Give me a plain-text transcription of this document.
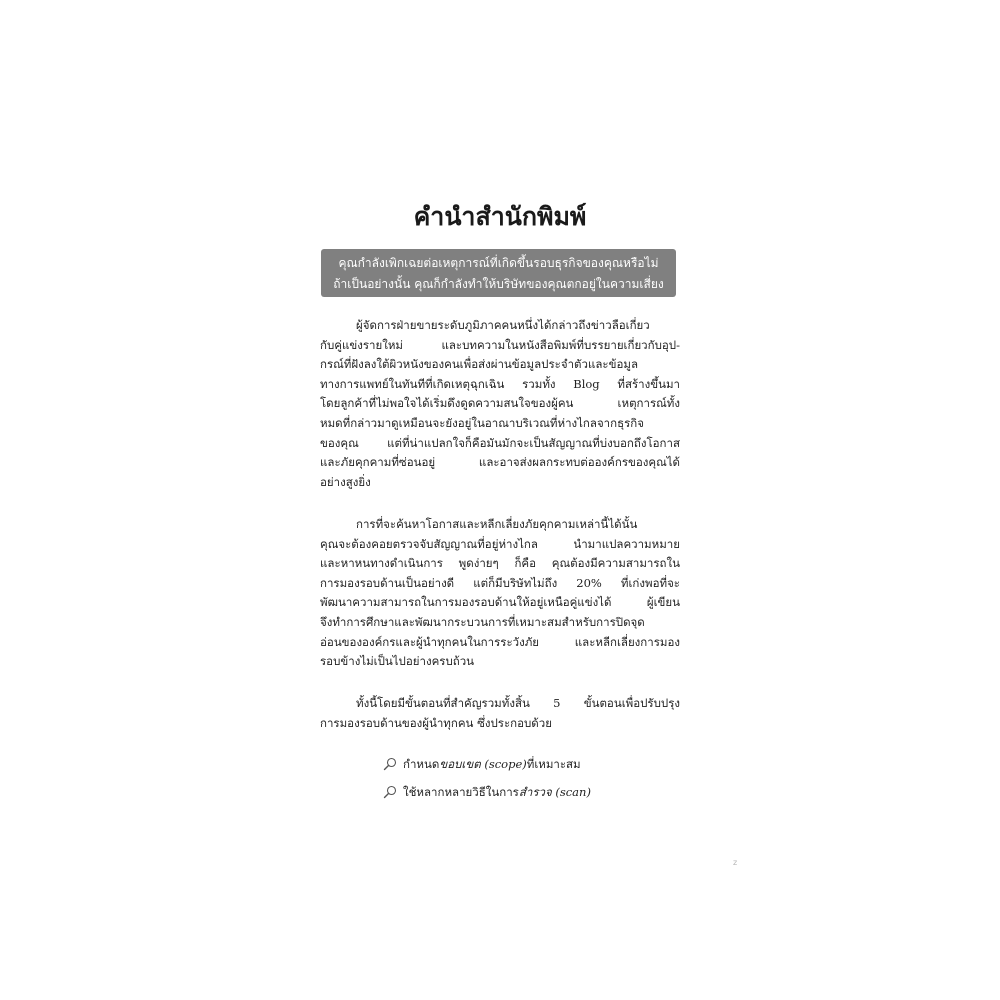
คำนำสำนักพิมพ์
คุณกำลังเพิกเฉยต่อเหตุการณ์ที่เกิดขึ้นรอบธุรกิจของคุณหรือไม่
ถ้าเป็นอย่างนั้น คุณก็กำลังทำให้บริษัทของคุณตกอยู่ในความเสี่ยง
ผู้จัดการฝ่ายขายระดับภูมิภาคคนหนึ่งได้กล่าวถึงข่าวลือเกี่ยว
กับคู่แข่งรายใหม่ และบทความในหนังสือพิมพ์ที่บรรยายเกี่ยวกับอุป-
กรณ์ที่ฝังลงใต้ผิวหนังของคนเพื่อส่งผ่านข้อมูลประจำตัวและข้อมูล
ทางการแพทย์ในทันทีที่เกิดเหตุฉุกเฉิน รวมทั้ง Blog ที่สร้างขึ้นมา
โดยลูกค้าที่ไม่พอใจได้เริ่มดึงดูดความสนใจของผู้คน เหตุการณ์ทั้ง
หมดที่กล่าวมาดูเหมือนจะยังอยู่ในอาณาบริเวณที่ห่างไกลจากธุรกิจ
ของคุณ แต่ที่น่าแปลกใจก็คือมันมักจะเป็นสัญญาณที่บ่งบอกถึงโอกาส
และภัยคุกคามที่ซ่อนอยู่ และอาจส่งผลกระทบต่อองค์กรของคุณได้
อย่างสูงยิ่ง
การที่จะค้นหาโอกาสและหลีกเลี่ยงภัยคุกคามเหล่านี้ได้นั้น
คุณจะต้องคอยตรวจจับสัญญาณที่อยู่ห่างไกล นำมาแปลความหมาย
และหาหนทางดำเนินการ พูดง่ายๆ ก็คือ คุณต้องมีความสามารถใน
การมองรอบด้านเป็นอย่างดี แต่ก็มีบริษัทไม่ถึง 20% ที่เก่งพอที่จะ
พัฒนาความสามารถในการมองรอบด้านให้อยู่เหนือคู่แข่งได้ ผู้เขียน
จึงทำการศึกษาและพัฒนากระบวนการที่เหมาะสมสำหรับการปิดจุด
อ่อนขององค์กรและผู้นำทุกคนในการระวังภัย และหลีกเลี่ยงการมอง
รอบข้างไม่เป็นไปอย่างครบถ้วน
ทั้งนี้โดยมีขั้นตอนที่สำคัญรวมทั้งสิ้น 5 ขั้นตอนเพื่อปรับปรุง
การมองรอบด้านของผู้นำทุกคน ซึ่งประกอบด้วย
กำหนด ขอบเขต (scope) ที่เหมาะสม
ใช้หลากหลายวิธีในการ สำรวจ (scan)
z
